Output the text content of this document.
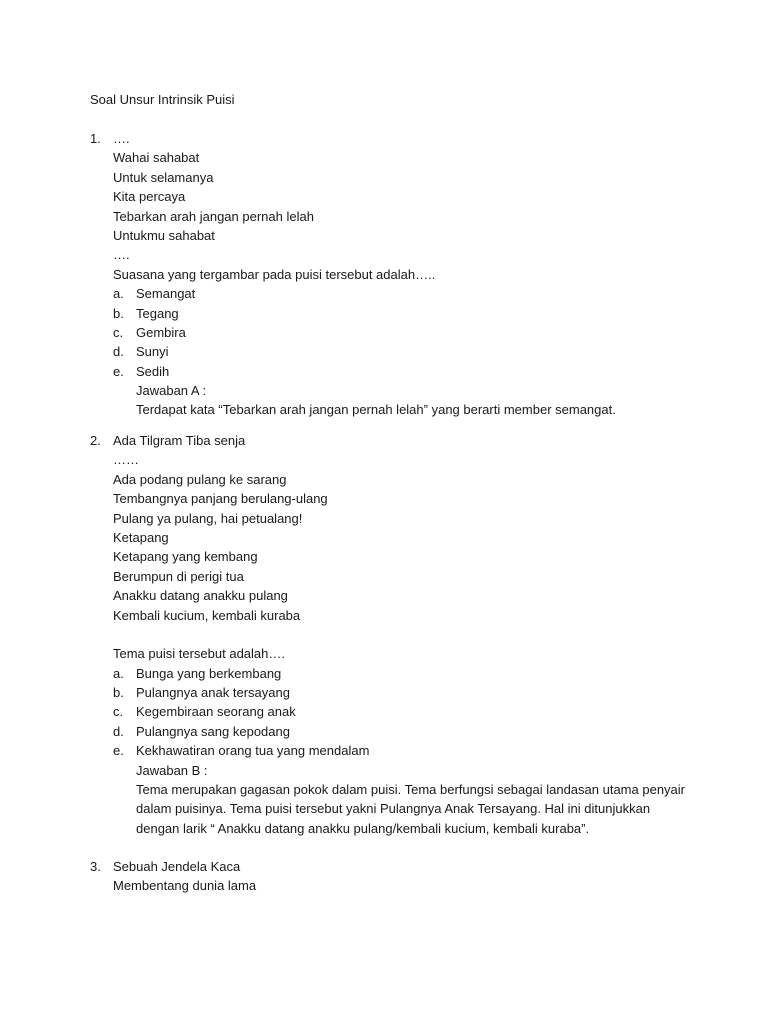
Soal Unsur Intrinsik Puisi
1. ….
Wahai sahabat
Untuk selamanya
Kita percaya
Tebarkan arah jangan pernah lelah
Untukmu sahabat
….
Suasana yang tergambar pada puisi tersebut adalah…..
a. Semangat
b. Tegang
c. Gembira
d. Sunyi
e. Sedih
Jawaban A :
Terdapat kata “Tebarkan arah jangan pernah lelah” yang berarti member semangat.
2. Ada Tilgram Tiba senja
……
Ada podang pulang ke sarang
Tembangnya panjang berulang-ulang
Pulang ya pulang, hai petualang!
Ketapang
Ketapang yang kembang
Berumpun di perigi tua
Anakku datang anakku pulang
Kembali kucium, kembali kuraba
Tema puisi tersebut adalah….
a. Bunga yang berkembang
b. Pulangnya anak tersayang
c. Kegembiraan seorang anak
d. Pulangnya sang kepodang
e. Kekhawatiran orang tua yang mendalam
Jawaban B :
Tema merupakan gagasan pokok dalam puisi. Tema berfungsi sebagai landasan utama penyair
dalam puisinya. Tema puisi tersebut yakni Pulangnya Anak Tersayang. Hal ini ditunjukkan
dengan larik “ Anakku datang anakku pulang/kembali kucium, kembali kuraba”.
3. Sebuah Jendela Kaca
Membentang dunia lama
